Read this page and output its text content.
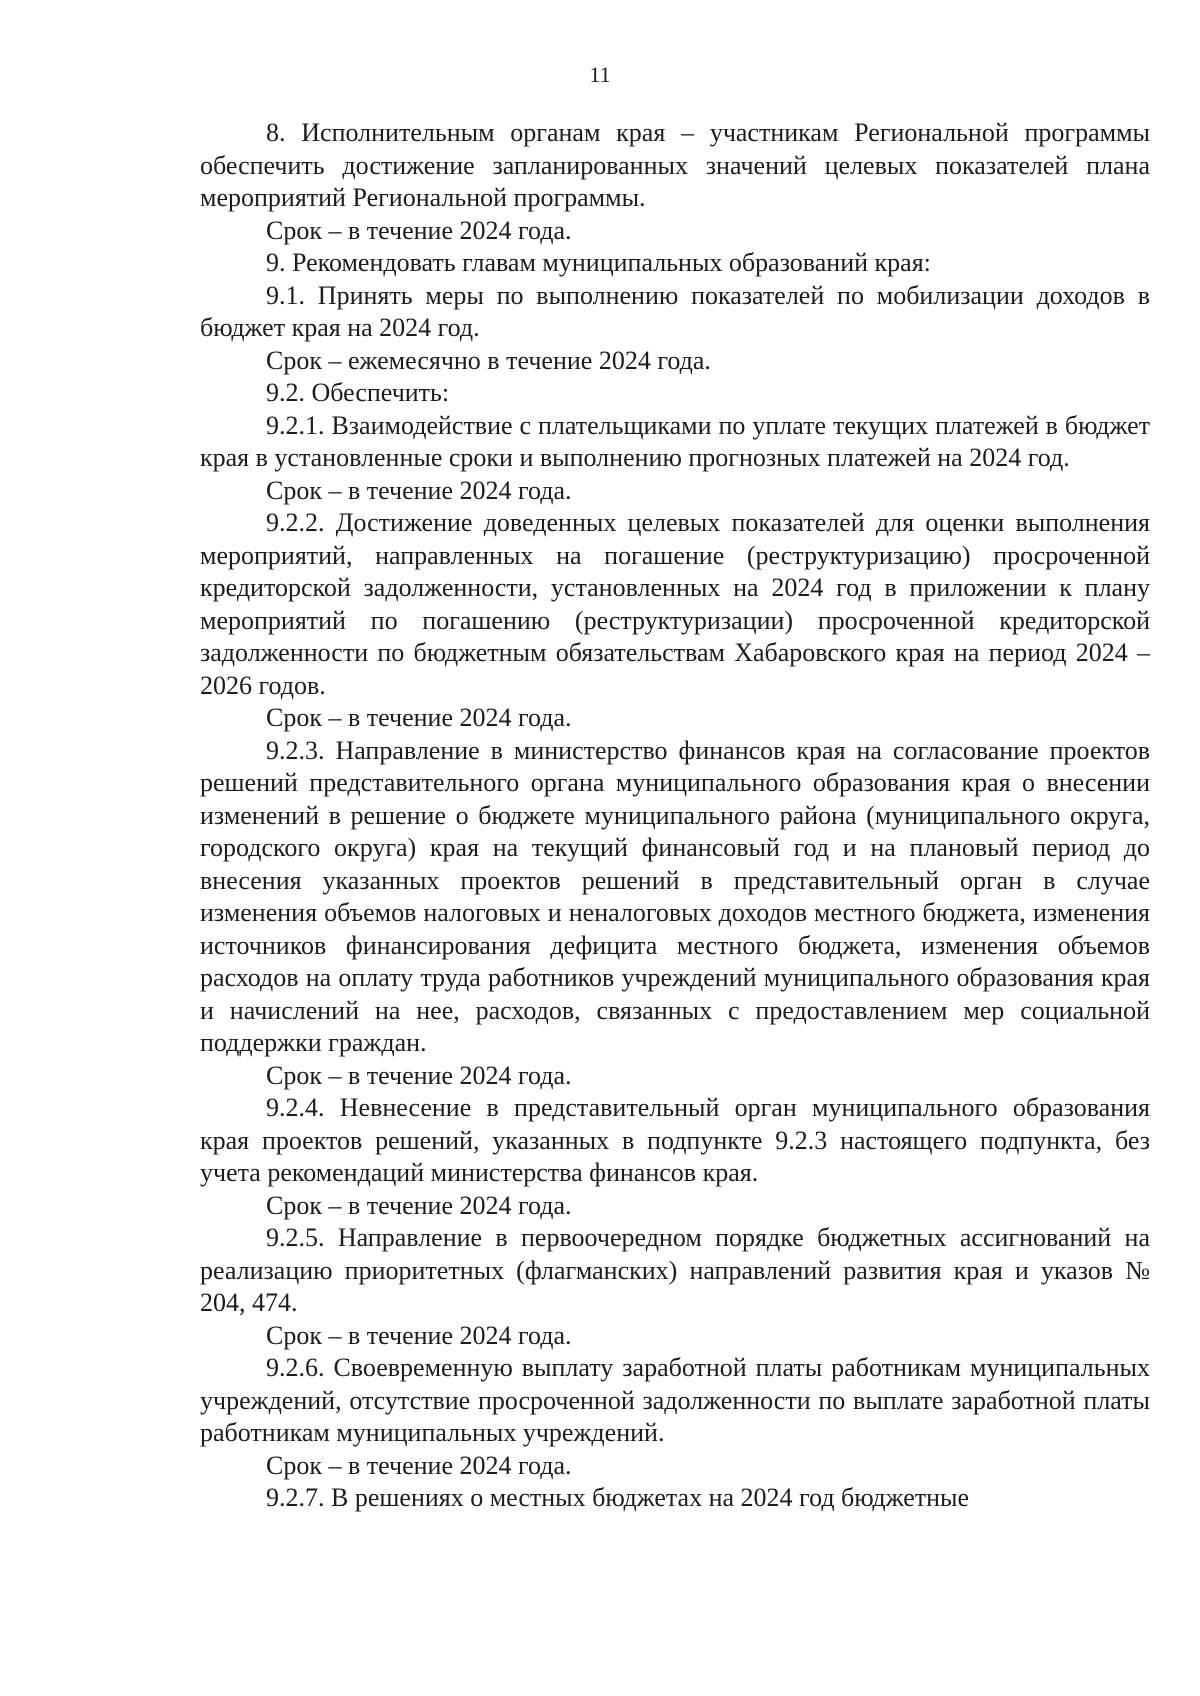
11

8. Исполнительным органам края – участникам Региональной программы обеспечить достижение запланированных значений целевых показателей плана мероприятий Региональной программы.

Срок – в течение 2024 года.

9. Рекомендовать главам муниципальных образований края:

9.1. Принять меры по выполнению показателей по мобилизации доходов в бюджет края на 2024 год.

Срок – ежемесячно в течение 2024 года.

9.2. Обеспечить:

9.2.1. Взаимодействие с плательщиками по уплате текущих платежей в бюджет края в установленные сроки и выполнению прогнозных платежей на 2024 год.

Срок – в течение 2024 года.

9.2.2. Достижение доведенных целевых показателей для оценки выполнения мероприятий, направленных на погашение (реструктуризацию) просроченной кредиторской задолженности, установленных на 2024 год в приложении к плану мероприятий по погашению (реструктуризации) просроченной кредиторской задолженности по бюджетным обязательствам Хабаровского края на период 2024 – 2026 годов.

Срок – в течение 2024 года.

9.2.3. Направление в министерство финансов края на согласование проектов решений представительного органа муниципального образования края о внесении изменений в решение о бюджете муниципального района (муниципального округа, городского округа) края на текущий финансовый год и на плановый период до внесения указанных проектов решений в представительный орган в случае изменения объемов налоговых и неналоговых доходов местного бюджета, изменения источников финансирования дефицита местного бюджета, изменения объемов расходов на оплату труда работников учреждений муниципального образования края и начислений на нее, расходов, связанных с предоставлением мер социальной поддержки граждан.

Срок – в течение 2024 года.

9.2.4. Невнесение в представительный орган муниципального образования края проектов решений, указанных в подпункте 9.2.3 настоящего подпункта, без учета рекомендаций министерства финансов края.

Срок – в течение 2024 года.

9.2.5. Направление в первоочередном порядке бюджетных ассигнований на реализацию приоритетных (флагманских) направлений развития края и указов № 204, 474.

Срок – в течение 2024 года.

9.2.6. Своевременную выплату заработной платы работникам муниципальных учреждений, отсутствие просроченной задолженности по выплате заработной платы работникам муниципальных учреждений.

Срок – в течение 2024 года.

9.2.7. В решениях о местных бюджетах на 2024 год бюджетные
